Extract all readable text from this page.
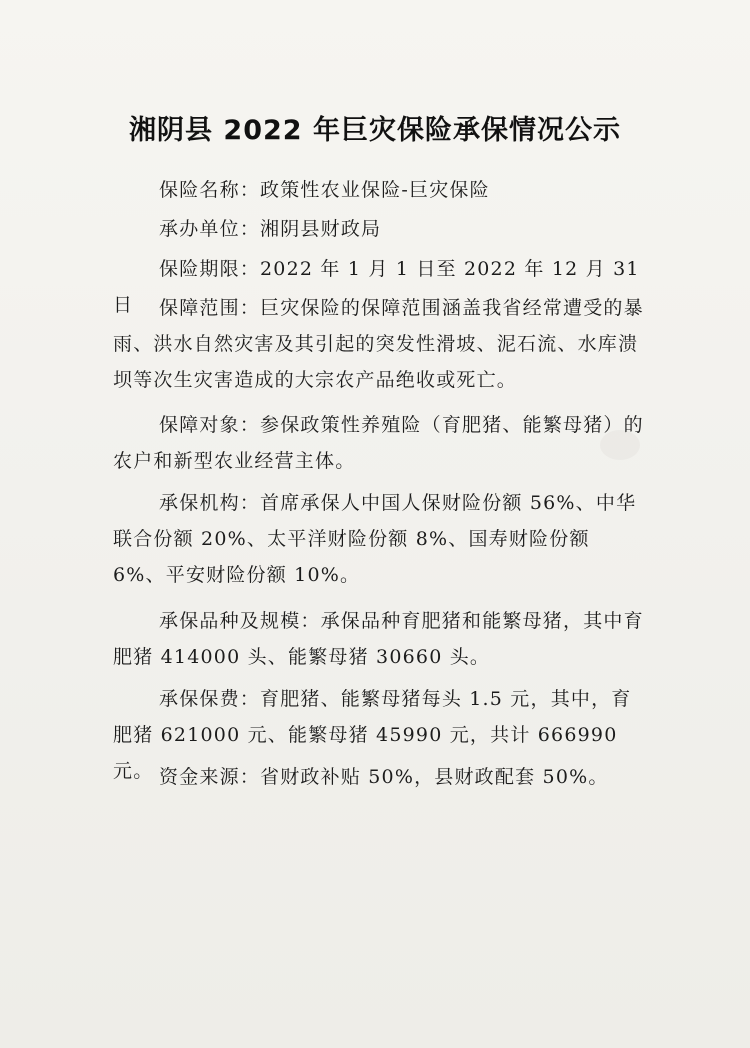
湘阴县 2022 年巨灾保险承保情况公示
保险名称：政策性农业保险-巨灾保险
承办单位：湘阴县财政局
保险期限：2022 年 1 月 1 日至 2022 年 12 月 31 日	保障范围：巨灾保险的保障范围涵盖我省经常遭受的暴雨、洪水自然灾害及其引起的突发性滑坡、泥石流、水库溃坝等次生灾害造成的大宗农产品绝收或死亡。
保障对象：参保政策性养殖险（育肥猪、能繁母猪）的农户和新型农业经营主体。
承保机构：首席承保人中国人保财险份额 56%、中华联合份额 20%、太平洋财险份额 8%、国寿财险份额 6%、平安财险份额 10%。
承保品种及规模：承保品种育肥猪和能繁母猪，其中育肥猪 414000 头、能繁母猪 30660 头。
承保保费：育肥猪、能繁母猪每头 1.5 元，其中，育肥猪 621000 元、能繁母猪 45990 元，共计 666990 元。 资金来源：省财政补贴 50%，县财政配套 50%。
